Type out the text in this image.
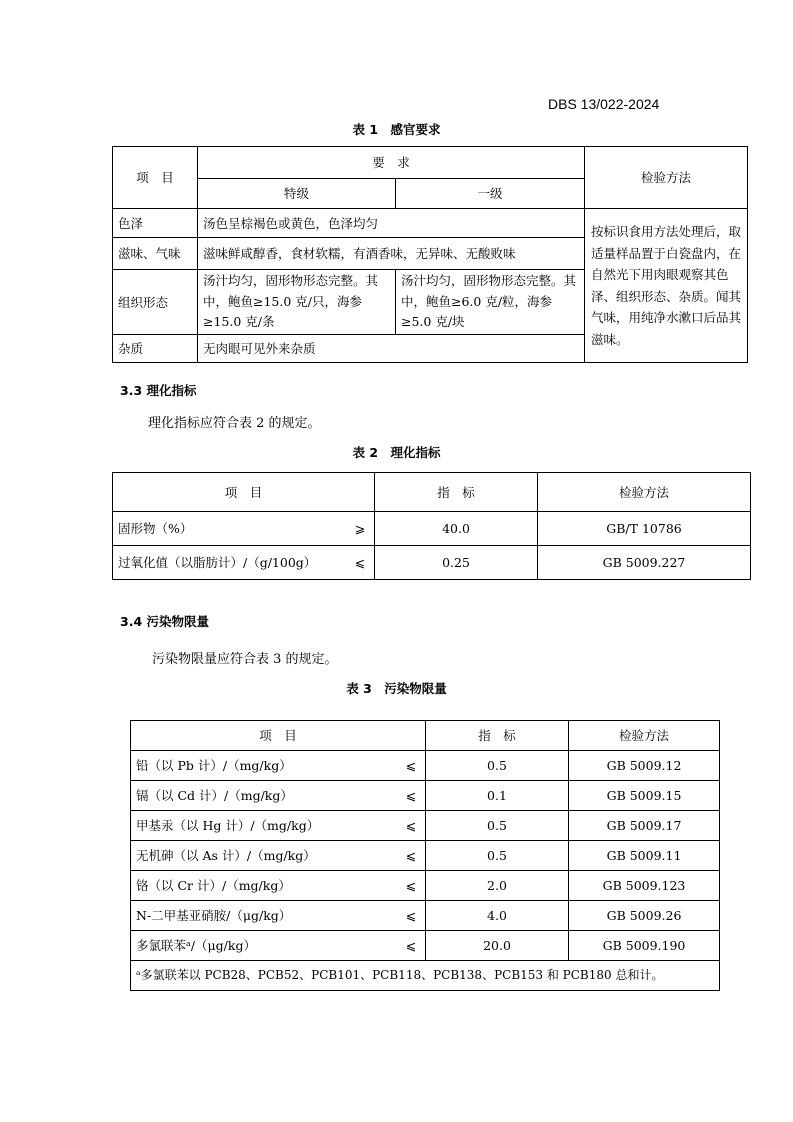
DBS 13/022-2024
表 1　感官要求
项　目	要　求		检验方法
	特级	一级	
色泽	汤色呈棕褐色或黄色，色泽均匀		按标识食用方法处理后，取适量样品置于白瓷盘内，在自然光下用肉眼观察其色泽、组织形态、杂质。闻其气味，用纯净水漱口后品其滋味。
滋味、气味	滋味鲜咸醇香，食材软糯，有酒香味，无异味、无酸败味		
组织形态	汤汁均匀，固形物形态完整。其中，鲍鱼≥15.0 克/只，海参≥15.0 克/条	汤汁均匀，固形物形态完整。其中，鲍鱼≥6.0 克/粒，海参≥5.0 克/块	
杂质	无肉眼可见外来杂质		
3.3 理化指标
理化指标应符合表 2 的规定。
表 2　理化指标
项　目	指　标	检验方法

固形物（%） ⩾	40.0	GB/T 10786

过氧化值（以脂肪计）/（g/100g） ⩽	0.25	GB 5009.227
3.4 污染物限量
污染物限量应符合表 3 的规定。
表 3　污染物限量
项　目	指　标	检验方法

铅（以 Pb 计）/（mg/kg） ⩽	0.5	GB 5009.12

镉（以 Cd 计）/（mg/kg） ⩽	0.1	GB 5009.15

甲基汞（以 Hg 计）/（mg/kg） ⩽	0.5	GB 5009.17

无机砷（以 As 计）/（mg/kg） ⩽	0.5	GB 5009.11

铬（以 Cr 计）/（mg/kg） ⩽	2.0	GB 5009.123

N-二甲基亚硝胺/（μg/kg） ⩽	4.0	GB 5009.26

多氯联苯ᵃ/（μg/kg） ⩽	20.0	GB 5009.190
ᵃ多氯联苯以 PCB28、PCB52、PCB101、PCB118、PCB138、PCB153 和 PCB180 总和计。		
